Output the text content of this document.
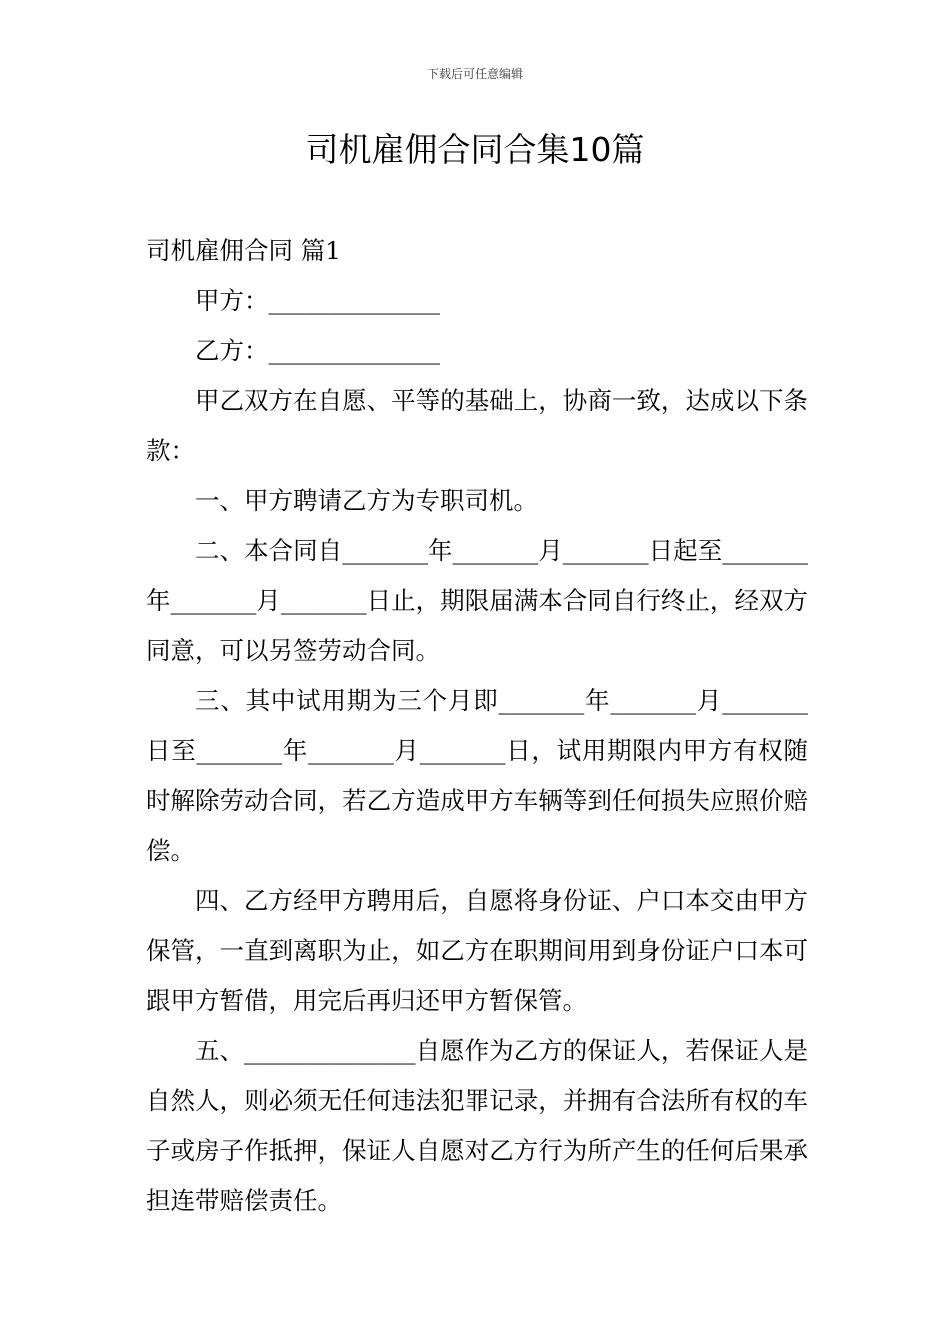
下载后可任意编辑
司机雇佣合同合集10篇

司机雇佣合同 篇1

甲方：______________

乙方：______________

甲乙双方在自愿、平等的基础上，协商一致，达成以下条款：

一、甲方聘请乙方为专职司机。

二、本合同自_______年_______月_______日起至_______年_______月_______日止，期限届满本合同自行终止，经双方同意，可以另签劳动合同。

三、其中试用期为三个月即_______年_______月_______日至_______年_______月_______日，试用期限内甲方有权随时解除劳动合同，若乙方造成甲方车辆等到任何损失应照价赔偿。

四、乙方经甲方聘用后，自愿将身份证、户口本交由甲方保管，一直到离职为止，如乙方在职期间用到身份证户口本可跟甲方暂借，用完后再归还甲方暂保管。

五、______________自愿作为乙方的保证人，若保证人是自然人，则必须无任何违法犯罪记录，并拥有合法所有权的车子或房子作抵押，保证人自愿对乙方行为所产生的任何后果承担连带赔偿责任。
